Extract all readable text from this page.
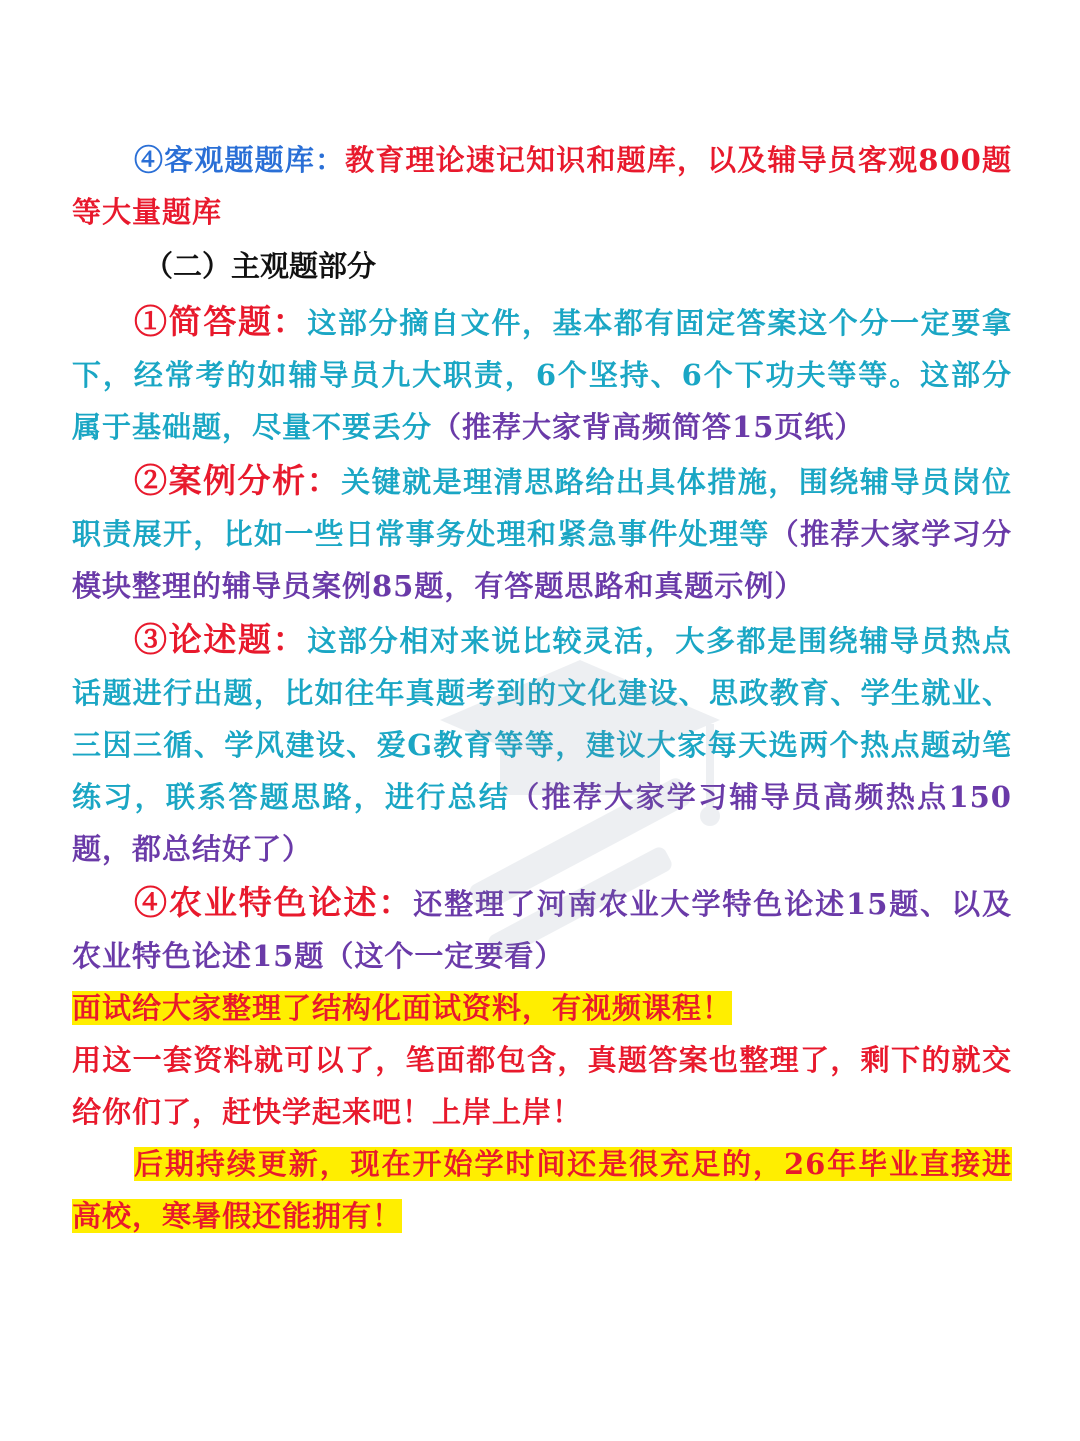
④客观题题库：教育理论速记知识和题库，以及辅导员客观800题等大量题库

（二）主观题部分

①简答题：这部分摘自文件，基本都有固定答案这个分一定要拿下，经常考的如辅导员九大职责，6个坚持、6个下功夫等等。这部分属于基础题，尽量不要丢分（推荐大家背高频简答15页纸）

②案例分析：关键就是理清思路给出具体措施，围绕辅导员岗位职责展开，比如一些日常事务处理和紧急事件处理等（推荐大家学习分模块整理的辅导员案例85题，有答题思路和真题示例）

③论述题：这部分相对来说比较灵活，大多都是围绕辅导员热点话题进行出题，比如往年真题考到的文化建设、思政教育、学生就业、三因三循、学风建设、爱G教育等等，建议大家每天选两个热点题动笔练习，联系答题思路，进行总结（推荐大家学习辅导员高频热点150题，都总结好了）

④农业特色论述：还整理了河南农业大学特色论述15题、以及农业特色论述15题（这个一定要看）

面试给大家整理了结构化面试资料，有视频课程！

用这一套资料就可以了，笔面都包含，真题答案也整理了，剩下的就交给你们了，赶快学起来吧！上岸上岸！

后期持续更新，现在开始学时间还是很充足的，26年毕业直接进高校，寒暑假还能拥有！
